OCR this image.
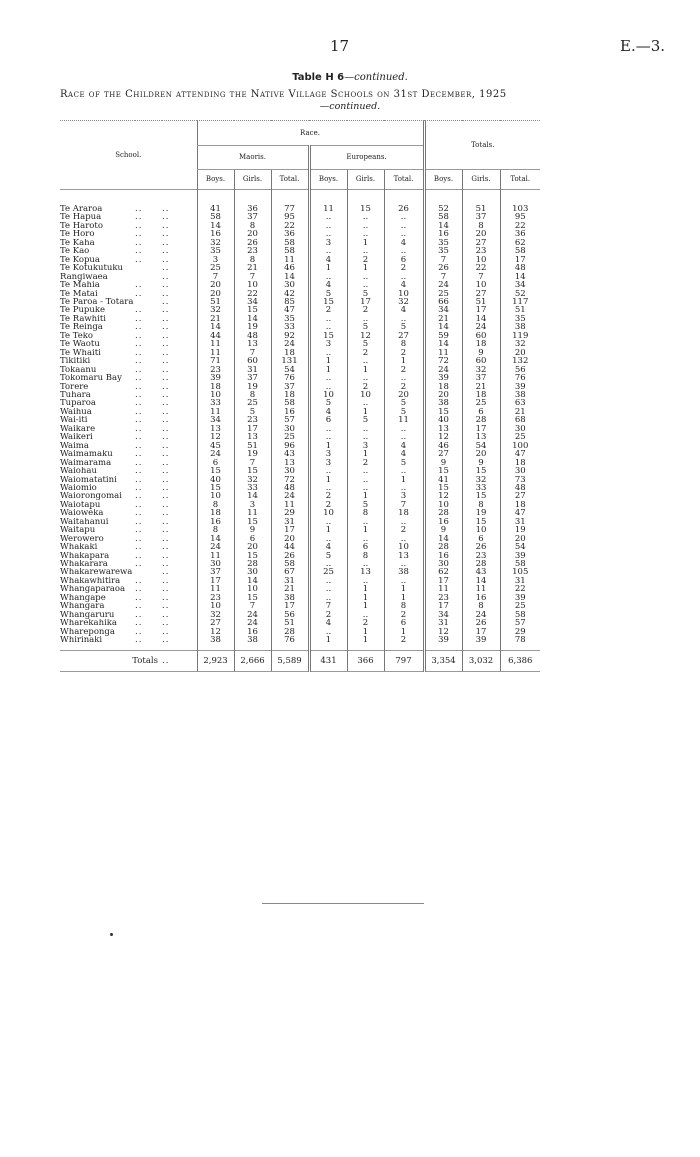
17	E.—3.
Table H 6—continued.
Race of the Children attending the Native Village Schools on 31st December, 1925
—continued.

School.			Race.						Totals.		
			Maoris.			Europeans.					
			Boys.	Girls.	Total.	Boys.	Girls.	Total.	Boys.	Girls.	Total.

Te Araroa	..	..	41	36	77	11	15	26	52	51	103
Te Hapua	..	..	58	37	95	..	..	..	58	37	95
Te Haroto	..	..	14	8	22	..	..	..	14	8	22
Te Horo	..	..	16	20	36	..	..	..	16	20	36
Te Kaha	..	..	32	26	58	3	1	4	35	27	62
Te Kao	..	..	35	23	58	..	..	..	35	23	58
Te Kopua	..	..	3	8	11	4	2	6	7	10	17
Te Kotukutuku		..	25	21	46	1	1	2	26	22	48
Rangiwaea		..	7	7	14	..	..	..	7	7	14
Te Mahia	..	..	20	10	30	4	..	4	24	10	34
Te Matai	..	..	20	22	42	5	5	10	25	27	52
Te Paroa - Totara		..	51	34	85	15	17	32	66	51	117
Te Pupuke	..	..	32	15	47	2	2	4	34	17	51
Te Rawhiti	..	..	21	14	35	..	..	..	21	14	35
Te Reinga	..	..	14	19	33	..	5	5	14	24	38
Te Teko	..	..	44	48	92	15	12	27	59	60	119
Te Waotu	..	..	11	13	24	3	5	8	14	18	32
Te Whaiti	..	..	11	7	18	..	2	2	11	9	20
Tikitiki	..	..	71	60	131	1	..	1	72	60	132
Tokaanu	..	..	23	31	54	1	1	2	24	32	56
Tokomaru Bay	..	..	39	37	76	..	..	..	39	37	76
Torere	..	..	18	19	37	..	2	2	18	21	39
Tuhara	..	..	10	8	18	10	10	20	20	18	38
Tuparoa	..	..	33	25	58	5	..	5	38	25	63
Waihua	..	..	11	5	16	4	1	5	15	6	21
Wai-iti	..	..	34	23	57	6	5	11	40	28	68
Waikare	..	..	13	17	30	..	..	..	13	17	30
Waikeri	..	..	12	13	25	..	..	..	12	13	25
Waima	..	..	45	51	96	1	3	4	46	54	100
Waimamaku	..	..	24	19	43	3	1	4	27	20	47
Waimarama	..	..	6	7	13	3	2	5	9	9	18
Waiohau	..	..	15	15	30	..	..	..	15	15	30
Waiomatatini	..	..	40	32	72	1	..	1	41	32	73
Waiomio	..	..	15	33	48	..	..	..	15	33	48
Waiorongomai	..	..	10	14	24	2	1	3	12	15	27
Waiotapu	..	..	8	3	11	2	5	7	10	8	18
Waioweka	..	..	18	11	29	10	8	18	28	19	47
Waitahanui	..	..	16	15	31	..	..	..	16	15	31
Waitapu	..	..	8	9	17	1	1	2	9	10	19
Werowero	..	..	14	6	20	..	..	..	14	6	20
Whakaki	..	..	24	20	44	4	6	10	28	26	54
Whakapara	..	..	11	15	26	5	8	13	16	23	39
Whakarara	..	..	30	28	58	..	..	..	30	28	58
Whakarewarewa		..	37	30	67	25	13	38	62	43	105
Whakawhitira	..	..	17	14	31	..	..	..	17	14	31
Whangaparaoa	..	..	11	10	21	..	1	1	11	11	22
Whangape	..	..	23	15	38	..	1	1	23	16	39
Whangara	..	..	10	7	17	7	1	8	17	8	25
Whangaruru	..	..	32	24	56	2	..	2	34	24	58
Wharekahika	..	..	27	24	51	4	2	6	31	26	57
Whareponga	..	..	12	16	28	..	1	1	12	17	29
Whirinaki	..	..	38	38	76	1	1	2	39	39	78

Totals		..	2,923	2,666	5,589	431	366	797	3,354	3,032	6,386
